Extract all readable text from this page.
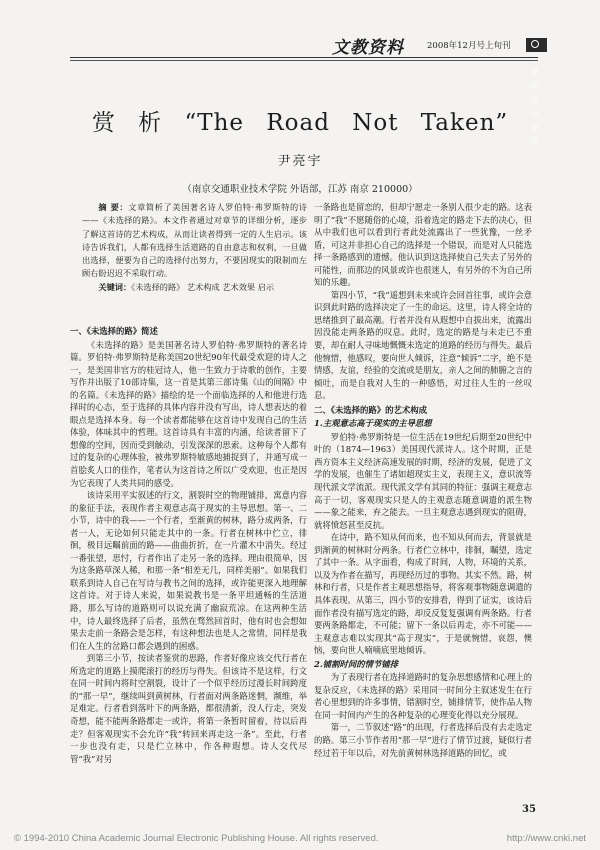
文教资料	2008年12月号上旬刊
文学语言学研究
赏 析 “The Road Not Taken”
尹亮宇
（南京交通职业技术学院 外语部，江苏 南京 210000）

摘 要：文章简析了美国著名诗人罗伯特·弗罗斯特的诗——《未选择的路》。本文作者通过对章节的详细分析，逐步了解这首诗的艺术构成，从而让读者得到一定的人生启示。该诗告诉我们，人都有选择生活道路的自由意志和权利，一旦做出选择，便要为自己的选择付出努力，不要因现实的限制而左顾右盼迟迟不采取行动。

关键词：《未选择的路》 艺术构成 艺术效果 启示

一、《未选择的路》简述

《未选择的路》是美国著名诗人罗伯特·弗罗斯特的著名诗篇。罗伯特·弗罗斯特是称美国20世纪90年代最受欢迎的诗人之一，是美国非官方的桂冠诗人，他一生致力于诗歌的创作，主要写作并出版了10部诗集，这一首是其第三部诗集《山的间隔》中的名篇。《未选择的路》描绘的是一个面临选择的人和他进行选择时的心态，至于选择的具体内容并没有写出，诗人想表达的着眼点是选择本身。每一个读者都能够在这首诗中发现自己的生活体验，体味其中的哲理。这首诗具有丰富的内涵，给读者留下了想像的空间，因而受到触动，引发深深的思索。这种每个人都有过的复杂的心理体验，被弗罗斯特敏感地捕捉到了，并通写成一首脍炙人口的佳作，笔者认为这首诗之所以广受欢迎，也正是因为它表现了人类共同的感受。

该诗采用平实叙述的行文，割裂时空的物理铺排，寓意内容的象征手法，表现作者主观意志高于现实的主导思想。第一、二小节，诗中的我——一个行者，至渐黄的树林，路分成两条，行者一人，无论如何只能走其中的一条。行者在树林中伫立，徘徊，极目远瞩前面的路——曲曲折折，在一片灌木中消失。经过一番张望，思忖，行者作出了走另一条的选择。理由很简单，因为这条路草深人稀，和那一条“相差无几，同样美丽”。如果我们联系到诗人自己在写诗与教书之间的选择，或许能更深入地理解这首诗。对于诗人来说，如果说教书是一条平坦通畅的生活道路，那么写诗的道路则可以说充满了幽寂荒凉。在这两种生活中，诗人最终选择了后者，虽然在骛然回首时，他有时也会想如果去走前一条路会是怎样，有这种想法也是人之常情，同样是我们在人生的岔路口都会遇到的困惑。

到第三小节，按读者鉴赏的思路，作者好像应该交代行者在所选定的道路上摸爬滚打的经历与得失。但该诗不是这样，行文在同一时间内将时空割裂，设计了一个似乎经历过漫长时间跨度的“那一早”，继续叫到黄树林，行者面对两条路迷惘，濒维，举足难定。行者看到落叶下的两条路，都很清新，没人行走，突发奇想，能不能两条路都走一或许，将第一条暂时留着，待以后再走？但客观现实不会允许“我”转回来再走这一条”。至此，行者一步也没有走，只是伫立林中，作各种遐想。诗人交代尽管“我”对另

一条路也是留恋的，但却宁愿走一条别人很少走的路。这表明了“我”不愿随俗的心境，沿着选定的路走下去的决心，但从中我们也可以看到行者此处流露出了一些犹豫，一丝矛盾，可这并非担心自己的选择是一个错误，而是对人只能选择一条路感到的遗憾。他认识到这选择使自己失去了另外的可能性，而那边的风景或许也很迷人，有另外的不为自己所知的乐趣。

第四小节，“我”遥想到未来或许会回首往事，或许会意识到此时路的选择决定了一生的命运。这里，诗人将全诗的思绪推到了最高潮。行者并没有从遐想中自拔出来，流露出因没能走两条路的叹息。此时，选定的路是与未走已不重要，却在耐人寻味地慨慨未选定的道路的经历与得失。最后他惋惜，他感叹，要向世人倾诉，注意“倾诉”二字，绝不是情感，友谊，经验的交流或是朋友，亲人之间的肺腑之言的倾吐，而是自我对人生的一种感悟，对过往人生的一丝叹息。

二、《未选择的路》的艺术构成

1.主观意志高于现实的主导思想

罗伯特·弗罗斯特是一位生活在19世纪后期至20世纪中叶的（1874—1963）美国现代派诗人。这个时期，正是西方资本主义经济高速发展的时期，经济的发展，促进了文学的发展，也催生了诸如超现实主义，表现主义，意识流等现代派文学流派。现代派文学有其同的特征：强调主观意志高于一切，客观现实只是人的主观意志随意调遣的派生物——象之能来，弃之能去。一旦主观意志遇到现实的阻碍，就将愤怒甚至反抗。

在诗中，路不知从何而来，也不知从何而去，背景就是到渐黄的树林时分两条。行者伫立林中，徘徊，瞩望，选定了其中一条。从字面看，构成了时间，人物，环境的关系，以及为作者在描写，再现经历过的事物。其实不然。路，树林和行者，只是作者主观思想指导，将客观事物随意调遣的具体表现。从第三，四小节的安排看，得到了证实，该诗后面作者没有描写选定的路，却反反复复强调有两条路。行者要两条路都走，不可能；留下一条以后再走，亦不可能——主观意志难以实现其“高于现实”，于是就惋惜，哀怨，懊恼，要向世人喃喃底里地倾诉。

2.铺割时间的情节铺排

为了表现行者在选择道路时的复杂思想感情和心理上的复杂反应，《未选择的路》采用同一时间分主叙述发生在行者心里想到的许多事情，错割时空，铺排情节，使作品人物在同一时间内产生的各种复杂的心理变化得以充分展现。

第一，二节叙述“路”的出现，行者选择后没有去走选定的路。第三小节作者用“那一早”进行了情节过渡，疑似行者经过若干年以后，对先前黄树林选择道路的回忆，或

35
© 1994-2010 China Academic Journal Electronic Publishing House. All rights reserved.	http://www.cnki.net
